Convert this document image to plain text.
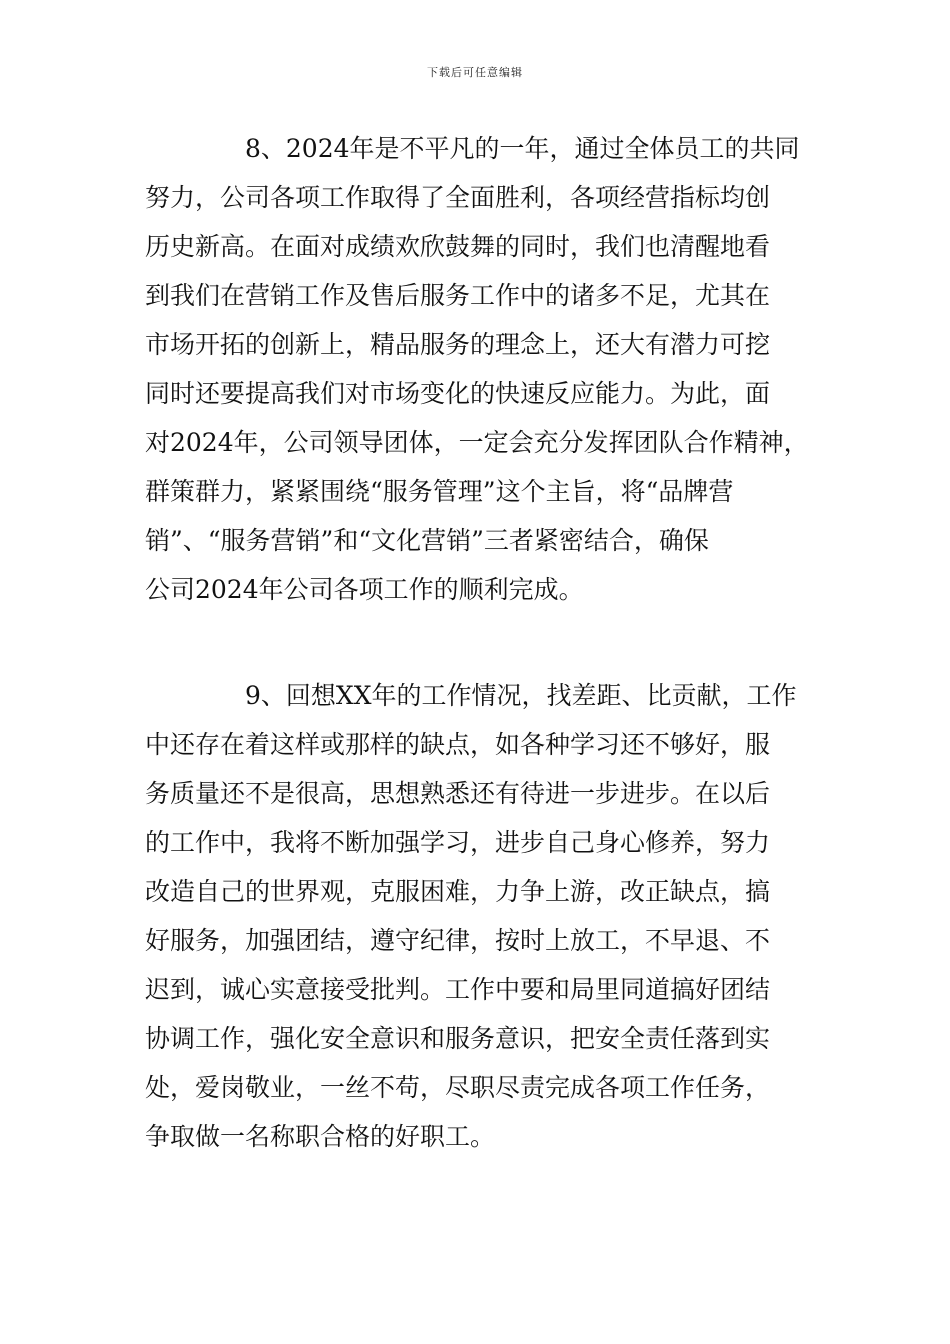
下载后可任意编辑
8、2024年是不平凡的一年，通过全体员工的共同
努力，公司各项工作取得了全面胜利，各项经营指标均创
历史新高。在面对成绩欢欣鼓舞的同时，我们也清醒地看
到我们在营销工作及售后服务工作中的诸多不足，尤其在
市场开拓的创新上，精品服务的理念上，还大有潜力可挖
同时还要提高我们对市场变化的快速反应能力。为此，面
对2024年，公司领导团体，一定会充分发挥团队合作精神，
群策群力，紧紧围绕“服务管理”这个主旨，将“品牌营
销”、“服务营销”和“文化营销”三者紧密结合，确保
公司2024年公司各项工作的顺利完成。
9、回想XX年的工作情况，找差距、比贡献，工作
中还存在着这样或那样的缺点，如各种学习还不够好，服
务质量还不是很高，思想熟悉还有待进一步进步。在以后
的工作中，我将不断加强学习，进步自己身心修养，努力
改造自己的世界观，克服困难，力争上游，改正缺点，搞
好服务，加强团结，遵守纪律，按时上放工，不早退、不
迟到，诚心实意接受批判。工作中要和局里同道搞好团结
协调工作，强化安全意识和服务意识，把安全责任落到实
处，爱岗敬业，一丝不苟，尽职尽责完成各项工作任务，
争取做一名称职合格的好职工。
